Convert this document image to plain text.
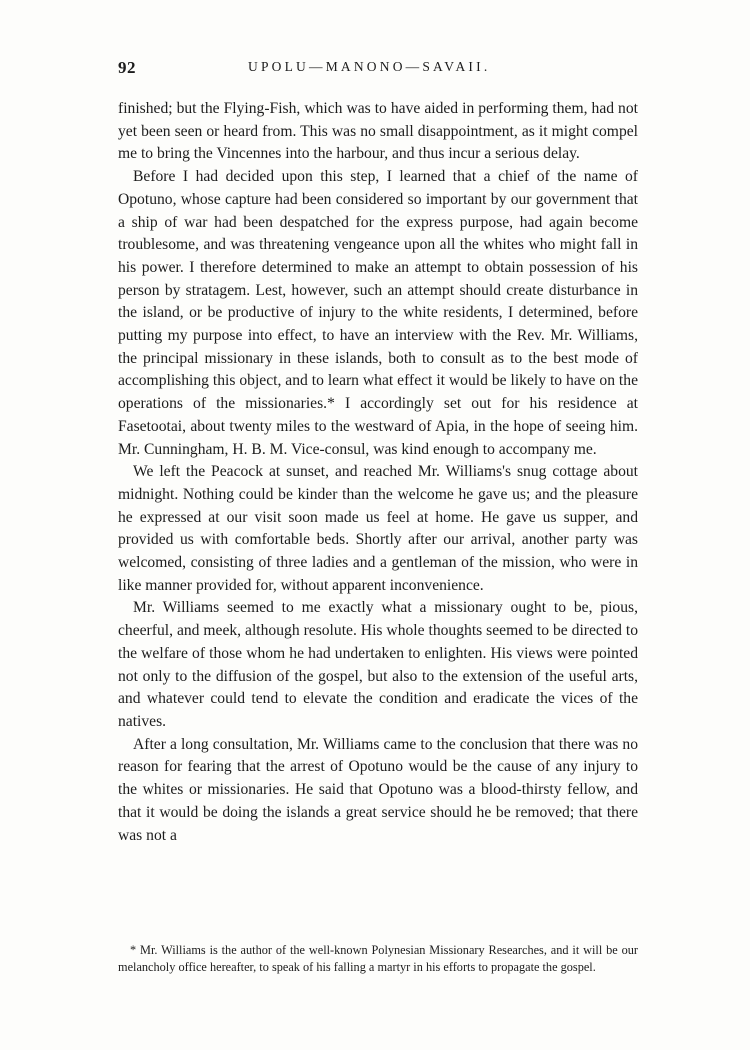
92	UPOLU—MANONO—SAVAII.

finished; but the Flying-Fish, which was to have aided in performing them, had not yet been seen or heard from. This was no small disappointment, as it might compel me to bring the Vincennes into the harbour, and thus incur a serious delay.

Before I had decided upon this step, I learned that a chief of the name of Opotuno, whose capture had been considered so important by our government that a ship of war had been despatched for the express purpose, had again become troublesome, and was threatening vengeance upon all the whites who might fall in his power. I therefore determined to make an attempt to obtain possession of his person by stratagem. Lest, however, such an attempt should create disturbance in the island, or be productive of injury to the white residents, I determined, before putting my purpose into effect, to have an interview with the Rev. Mr. Williams, the principal missionary in these islands, both to consult as to the best mode of accomplishing this object, and to learn what effect it would be likely to have on the operations of the missionaries.* I accordingly set out for his residence at Fasetootai, about twenty miles to the westward of Apia, in the hope of seeing him. Mr. Cunningham, H. B. M. Vice-consul, was kind enough to accompany me.

We left the Peacock at sunset, and reached Mr. Williams's snug cottage about midnight. Nothing could be kinder than the welcome he gave us; and the pleasure he expressed at our visit soon made us feel at home. He gave us supper, and provided us with comfortable beds. Shortly after our arrival, another party was welcomed, consisting of three ladies and a gentleman of the mission, who were in like manner provided for, without apparent inconvenience.

Mr. Williams seemed to me exactly what a missionary ought to be, pious, cheerful, and meek, although resolute. His whole thoughts seemed to be directed to the welfare of those whom he had undertaken to enlighten. His views were pointed not only to the diffusion of the gospel, but also to the extension of the useful arts, and whatever could tend to elevate the condition and eradicate the vices of the natives.

After a long consultation, Mr. Williams came to the conclusion that there was no reason for fearing that the arrest of Opotuno would be the cause of any injury to the whites or missionaries. He said that Opotuno was a blood-thirsty fellow, and that it would be doing the islands a great service should he be removed; that there was not a

* Mr. Williams is the author of the well-known Polynesian Missionary Researches, and it will be our melancholy office hereafter, to speak of his falling a martyr in his efforts to propagate the gospel.
